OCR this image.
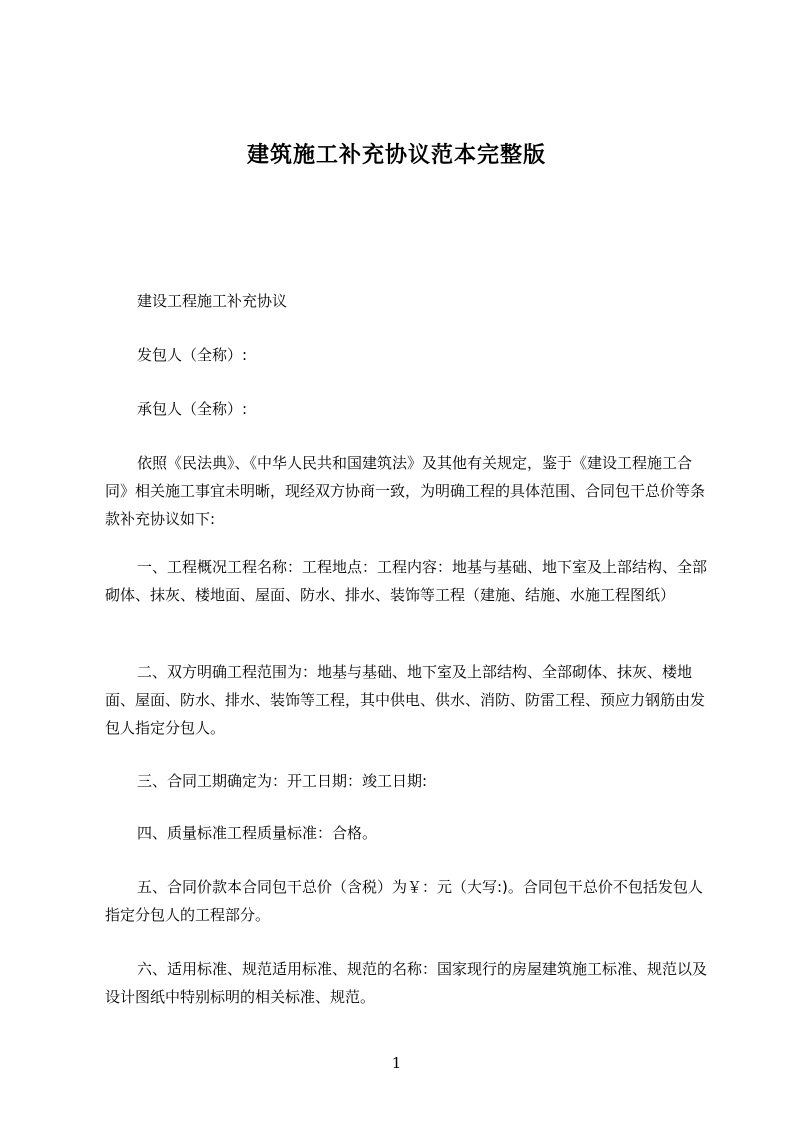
建筑施工补充协议范本完整版

建设工程施工补充协议

发包人（全称）:

承包人（全称）:

依照《民法典》、《中华人民共和国建筑法》及其他有关规定，鉴于《建设工程施工合同》相关施工事宜未明晰，现经双方协商一致，为明确工程的具体范围、合同包干总价等条款补充协议如下:

一、工程概况工程名称：工程地点：工程内容：地基与基础、地下室及上部结构、全部砌体、抹灰、楼地面、屋面、防水、排水、装饰等工程（建施、结施、水施工程图纸）

二、双方明确工程范围为：地基与基础、地下室及上部结构、全部砌体、抹灰、楼地面、屋面、防水、排水、装饰等工程，其中供电、供水、消防、防雷工程、预应力钢筋由发包人指定分包人。

三、合同工期确定为：开工日期：竣工日期:

四、质量标准工程质量标准：合格。

五、合同价款本合同包干总价（含税）为￥：元（大写:)。合同包干总价不包括发包人指定分包人的工程部分。

六、适用标准、规范适用标准、规范的名称：国家现行的房屋建筑施工标准、规范以及设计图纸中特别标明的相关标准、规范。

1
